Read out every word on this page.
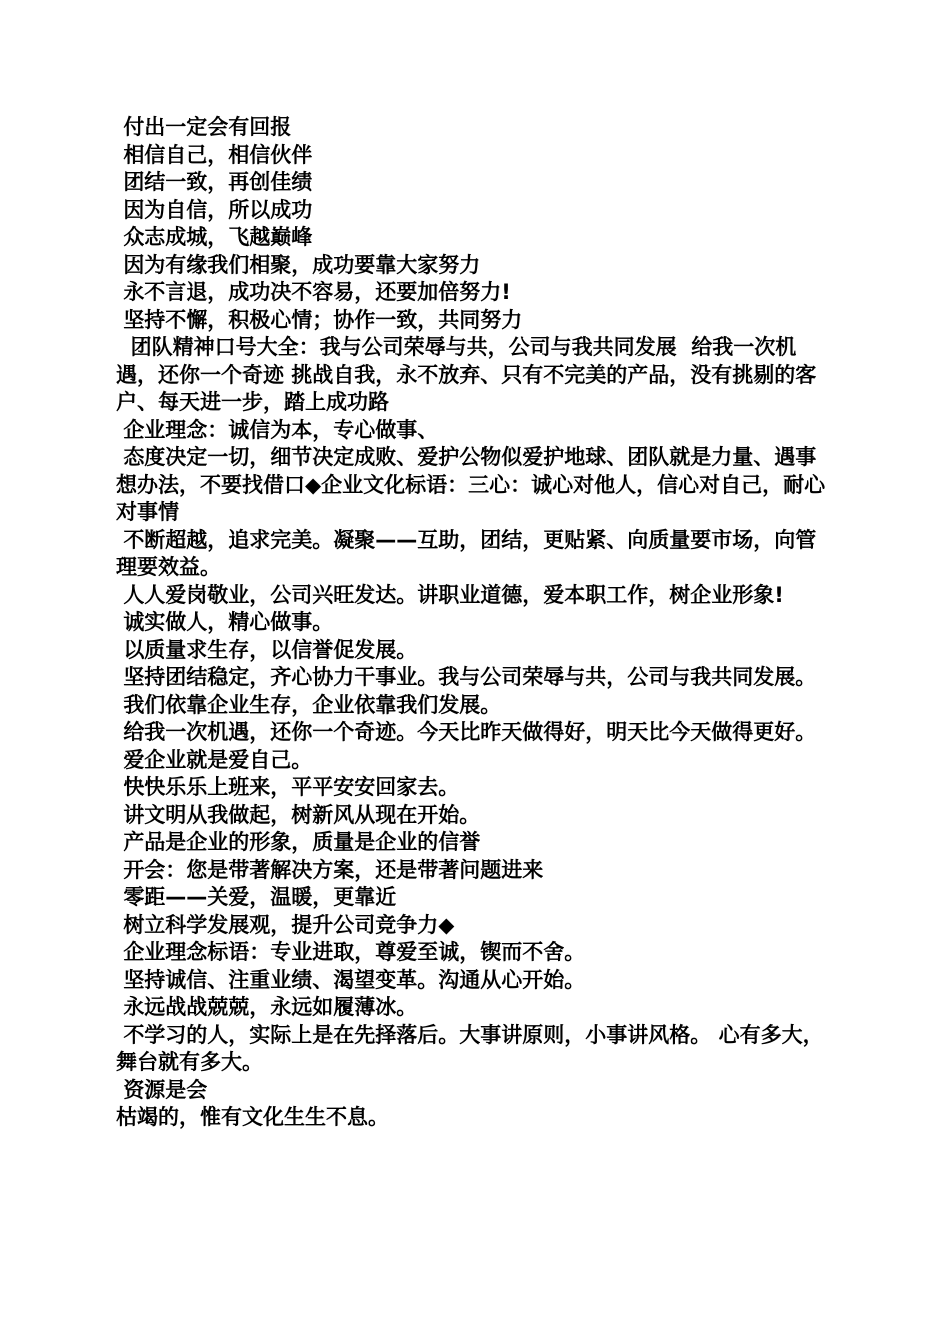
付出一定会有回报

相信自己，相信伙伴

团结一致，再创佳绩

因为自信，所以成功

众志成城，飞越巅峰

因为有缘我们相聚，成功要靠大家努力

永不言退，成功决不容易，还要加倍努力!

坚持不懈，积极心情；协作一致，共同努力

团队精神口号大全：我与公司荣辱与共，公司与我共同发展  给我一次机遇，还你一个奇迹 挑战自我，永不放弃、只有不完美的产品，没有挑剔的客户、每天进一步，踏上成功路

企业理念：诚信为本，专心做事、

态度决定一切，细节决定成败、爱护公物似爱护地球、团队就是力量、遇事想办法，不要找借口◆企业文化标语：三心：诚心对他人，信心对自己，耐心对事情

不断超越，追求完美。凝聚——互助，团结，更贴紧、向质量要市场，向管理要效益。

人人爱岗敬业，公司兴旺发达。讲职业道德，爱本职工作，树企业形象!

诚实做人，精心做事。

以质量求生存，以信誉促发展。

坚持团结稳定，齐心协力干事业。我与公司荣辱与共，公司与我共同发展。

我们依靠企业生存，企业依靠我们发展。

给我一次机遇，还你一个奇迹。今天比昨天做得好，明天比今天做得更好。

爱企业就是爱自己。

快快乐乐上班来，平平安安回家去。

讲文明从我做起，树新风从现在开始。

产品是企业的形象，质量是企业的信誉

开会：您是带著解决方案，还是带著问题进来

零距——关爱，温暖，更靠近

树立科学发展观，提升公司竞争力◆

企业理念标语：专业进取，尊爱至诚，锲而不舍。

坚持诚信、注重业绩、渴望变革。沟通从心开始。

永远战战兢兢，永远如履薄冰。

不学习的人，实际上是在先择落后。大事讲原则，小事讲风格。 心有多大，舞台就有多大。

资源是会

枯竭的，惟有文化生生不息。
